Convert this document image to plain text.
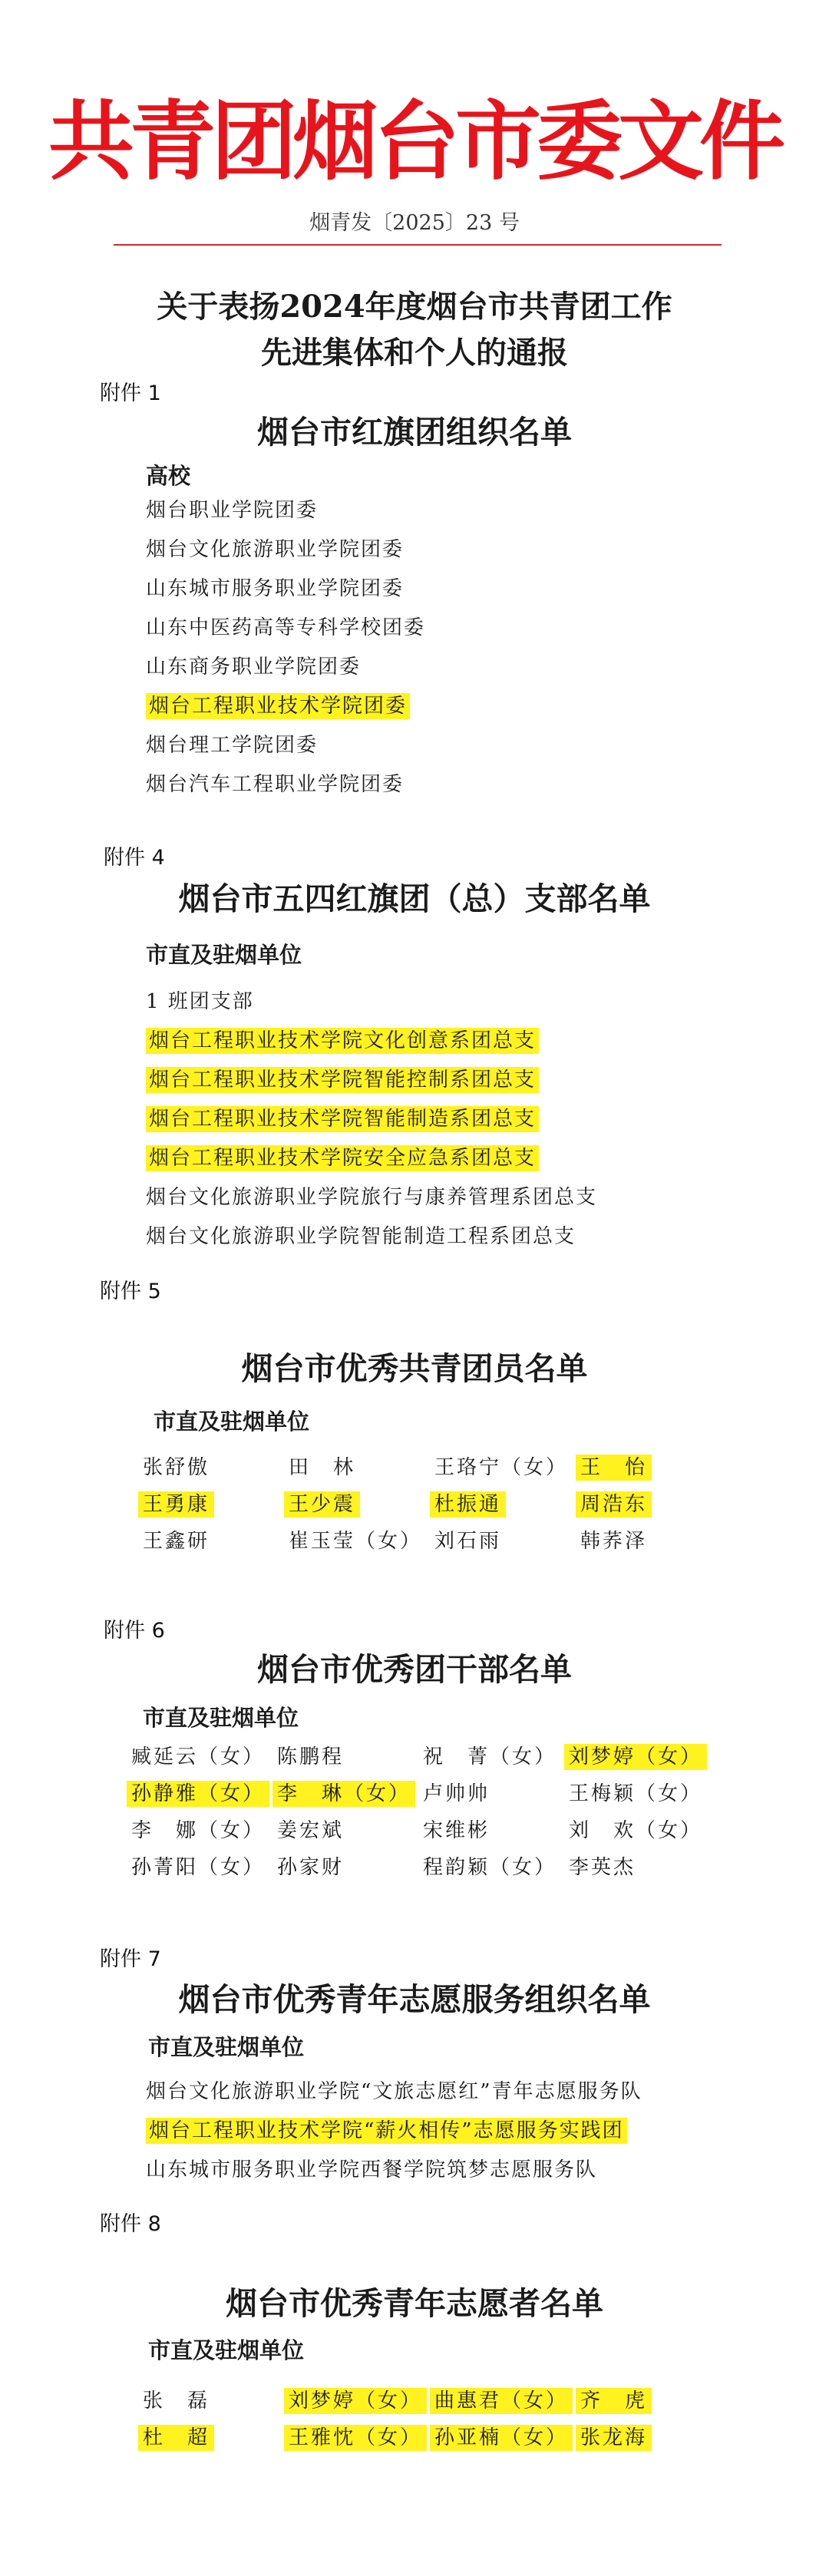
共青团烟台市委文件
烟青发〔2025〕23 号
关于表扬2024年度烟台市共青团工作
先进集体和个人的通报
附件 1
烟台市红旗团组织名单
高校
烟台职业学院团委
烟台文化旅游职业学院团委
山东城市服务职业学院团委
山东中医药高等专科学校团委
山东商务职业学院团委
烟台工程职业技术学院团委
烟台理工学院团委
烟台汽车工程职业学院团委
附件 4
烟台市五四红旗团（总）支部名单
市直及驻烟单位
1 班团支部
烟台工程职业技术学院文化创意系团总支
烟台工程职业技术学院智能控制系团总支
烟台工程职业技术学院智能制造系团总支
烟台工程职业技术学院安全应急系团总支
烟台文化旅游职业学院旅行与康养管理系团总支
烟台文化旅游职业学院智能制造工程系团总支
附件 5
烟台市优秀共青团员名单
市直及驻烟单位
张舒傲	田　林	王珞宁（女） 王　怡
王勇康	王少震	杜振通	周浩东
王鑫研	崔玉莹（女） 刘石雨	韩荞泽
附件 6
烟台市优秀团干部名单
市直及驻烟单位
臧延云（女） 陈鹏程	祝　菁（女） 刘梦婷（女）
孙静雅（女） 李　琳（女） 卢帅帅	王梅颖（女）
李　娜（女） 姜宏斌	宋维彬	刘　欢（女）
孙菁阳（女） 孙家财	程韵颖（女） 李英杰
附件 7
烟台市优秀青年志愿服务组织名单
市直及驻烟单位
烟台文化旅游职业学院“文旅志愿红”青年志愿服务队
烟台工程职业技术学院“薪火相传”志愿服务实践团
山东城市服务职业学院西餐学院筑梦志愿服务队
附件 8
烟台市优秀青年志愿者名单
市直及驻烟单位
张　磊	刘梦婷（女） 曲惠君（女） 齐　虎
杜　超	王雅忱（女） 孙亚楠（女） 张龙海
